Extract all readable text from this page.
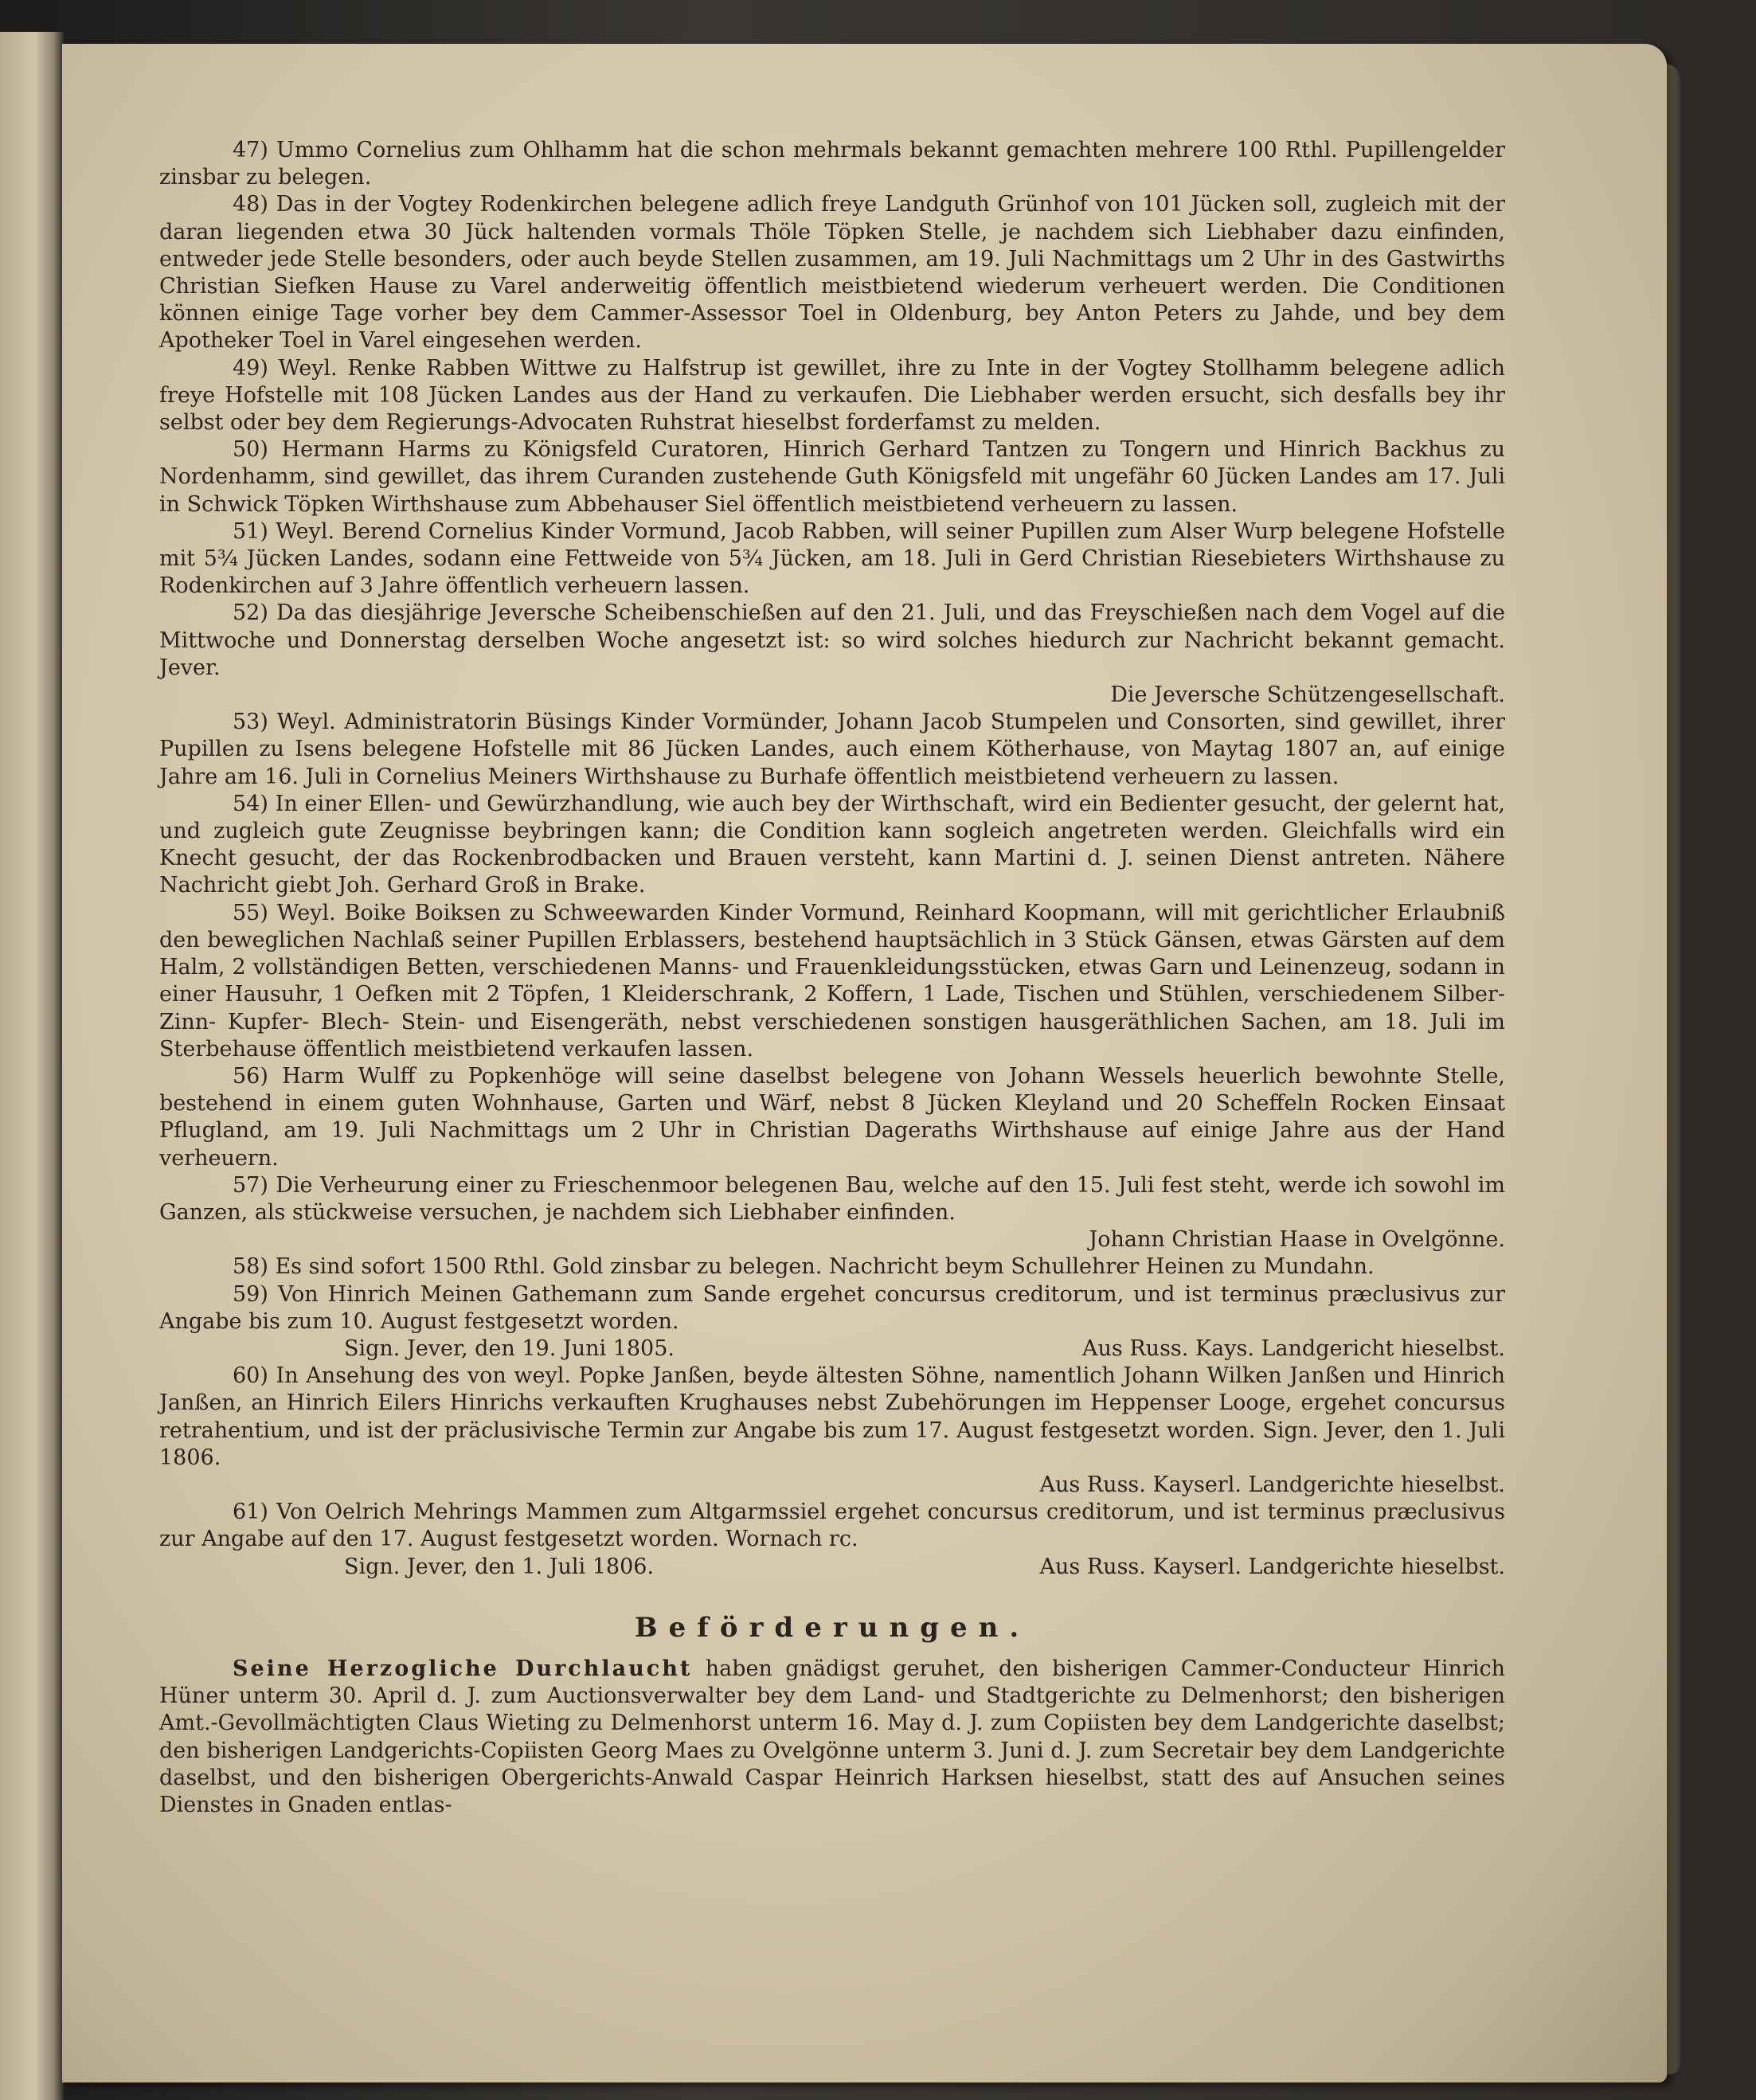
47) Ummo Cornelius zum Ohlhamm hat die schon mehrmals bekannt gemachten mehrere 100 Rthl. Pupillengelder zinsbar zu belegen.

48) Das in der Vogtey Rodenkirchen belegene adlich freye Landguth Grünhof von 101 Jücken soll, zugleich mit der daran liegenden etwa 30 Jück haltenden vormals Thöle Töpken Stelle, je nachdem sich Liebhaber dazu einfinden, entweder jede Stelle besonders, oder auch beyde Stellen zusammen, am 19. Juli Nachmittags um 2 Uhr in des Gastwirths Christian Siefken Hause zu Varel anderweitig öffentlich meistbietend wiederum verheuert werden. Die Conditionen können einige Tage vorher bey dem Cammer-Assessor Toel in Oldenburg, bey Anton Peters zu Jahde, und bey dem Apotheker Toel in Varel eingesehen werden.

49) Weyl. Renke Rabben Wittwe zu Halfstrup ist gewillet, ihre zu Inte in der Vogtey Stollhamm belegene adlich freye Hofstelle mit 108 Jücken Landes aus der Hand zu verkaufen. Die Liebhaber werden ersucht, sich desfalls bey ihr selbst oder bey dem Regierungs-Advocaten Ruhstrat hieselbst forderfamst zu melden.

50) Hermann Harms zu Königsfeld Curatoren, Hinrich Gerhard Tantzen zu Tongern und Hinrich Backhus zu Nordenhamm, sind gewillet, das ihrem Curanden zustehende Guth Königsfeld mit ungefähr 60 Jücken Landes am 17. Juli in Schwick Töpken Wirthshause zum Abbehauser Siel öffentlich meistbietend verheuern zu lassen.

51) Weyl. Berend Cornelius Kinder Vormund, Jacob Rabben, will seiner Pupillen zum Alser Wurp belegene Hofstelle mit 5¾ Jücken Landes, sodann eine Fettweide von 5¾ Jücken, am 18. Juli in Gerd Christian Riesebieters Wirthshause zu Rodenkirchen auf 3 Jahre öffentlich verheuern lassen.

52) Da das diesjährige Jeversche Scheibenschießen auf den 21. Juli, und das Freyschießen nach dem Vogel auf die Mittwoche und Donnerstag derselben Woche angesetzt ist: so wird solches hiedurch zur Nachricht bekannt gemacht. Jever.

Die Jeversche Schützengesellschaft.

53) Weyl. Administratorin Büsings Kinder Vormünder, Johann Jacob Stumpelen und Consorten, sind gewillet, ihrer Pupillen zu Isens belegene Hofstelle mit 86 Jücken Landes, auch einem Kötherhause, von Maytag 1807 an, auf einige Jahre am 16. Juli in Cornelius Meiners Wirthshause zu Burhafe öffentlich meistbietend verheuern zu lassen.

54) In einer Ellen- und Gewürzhandlung, wie auch bey der Wirthschaft, wird ein Bedienter gesucht, der gelernt hat, und zugleich gute Zeugnisse beybringen kann; die Condition kann sogleich angetreten werden. Gleichfalls wird ein Knecht gesucht, der das Rockenbrodbacken und Brauen versteht, kann Martini d. J. seinen Dienst antreten. Nähere Nachricht giebt Joh. Gerhard Groß in Brake.

55) Weyl. Boike Boiksen zu Schweewarden Kinder Vormund, Reinhard Koopmann, will mit gerichtlicher Erlaubniß den beweglichen Nachlaß seiner Pupillen Erblassers, bestehend hauptsächlich in 3 Stück Gänsen, etwas Gärsten auf dem Halm, 2 vollständigen Betten, verschiedenen Manns- und Frauenkleidungsstücken, etwas Garn und Leinenzeug, sodann in einer Hausuhr, 1 Oefken mit 2 Töpfen, 1 Kleiderschrank, 2 Koffern, 1 Lade, Tischen und Stühlen, verschiedenem Silber- Zinn- Kupfer- Blech- Stein- und Eisengeräth, nebst verschiedenen sonstigen hausgeräthlichen Sachen, am 18. Juli im Sterbehause öffentlich meistbietend verkaufen lassen.

56) Harm Wulff zu Popkenhöge will seine daselbst belegene von Johann Wessels heuerlich bewohnte Stelle, bestehend in einem guten Wohnhause, Garten und Wärf, nebst 8 Jücken Kleyland und 20 Scheffeln Rocken Einsaat Pflugland, am 19. Juli Nachmittags um 2 Uhr in Christian Dageraths Wirthshause auf einige Jahre aus der Hand verheuern.

57) Die Verheurung einer zu Frieschenmoor belegenen Bau, welche auf den 15. Juli fest steht, werde ich sowohl im Ganzen, als stückweise versuchen, je nachdem sich Liebhaber einfinden.

Johann Christian Haase in Ovelgönne.

58) Es sind sofort 1500 Rthl. Gold zinsbar zu belegen. Nachricht beym Schullehrer Heinen zu Mundahn.

59) Von Hinrich Meinen Gathemann zum Sande ergehet concursus creditorum, und ist terminus præclusivus zur Angabe bis zum 10. August festgesetzt worden.

Sign. Jever, den 19. Juni 1805.	Aus Russ. Kays. Landgericht hieselbst.

60) In Ansehung des von weyl. Popke Janßen, beyde ältesten Söhne, namentlich Johann Wilken Janßen und Hinrich Janßen, an Hinrich Eilers Hinrichs verkauften Krughauses nebst Zubehörungen im Heppenser Looge, ergehet concursus retrahentium, und ist der präclusivische Termin zur Angabe bis zum 17. August festgesetzt worden. Sign. Jever, den 1. Juli 1806.

Aus Russ. Kayserl. Landgerichte hieselbst.

61) Von Oelrich Mehrings Mammen zum Altgarmssiel ergehet concursus creditorum, und ist terminus præclusivus zur Angabe auf den 17. August festgesetzt worden. Wornach rc.

Sign. Jever, den 1. Juli 1806.	Aus Russ. Kayserl. Landgerichte hieselbst.

Beförderungen.

Seine Herzogliche Durchlaucht haben gnädigst geruhet, den bisherigen Cammer-Conducteur Hinrich Hüner unterm 30. April d. J. zum Auctionsverwalter bey dem Land- und Stadtgerichte zu Delmenhorst; den bisherigen Amt.-Gevollmächtigten Claus Wieting zu Delmenhorst unterm 16. May d. J. zum Copiisten bey dem Landgerichte daselbst; den bisherigen Landgerichts-Copiisten Georg Maes zu Ovelgönne unterm 3. Juni d. J. zum Secretair bey dem Landgerichte daselbst, und den bisherigen Obergerichts-Anwald Caspar Heinrich Harksen hieselbst, statt des auf Ansuchen seines Dienstes in Gnaden entlas-
